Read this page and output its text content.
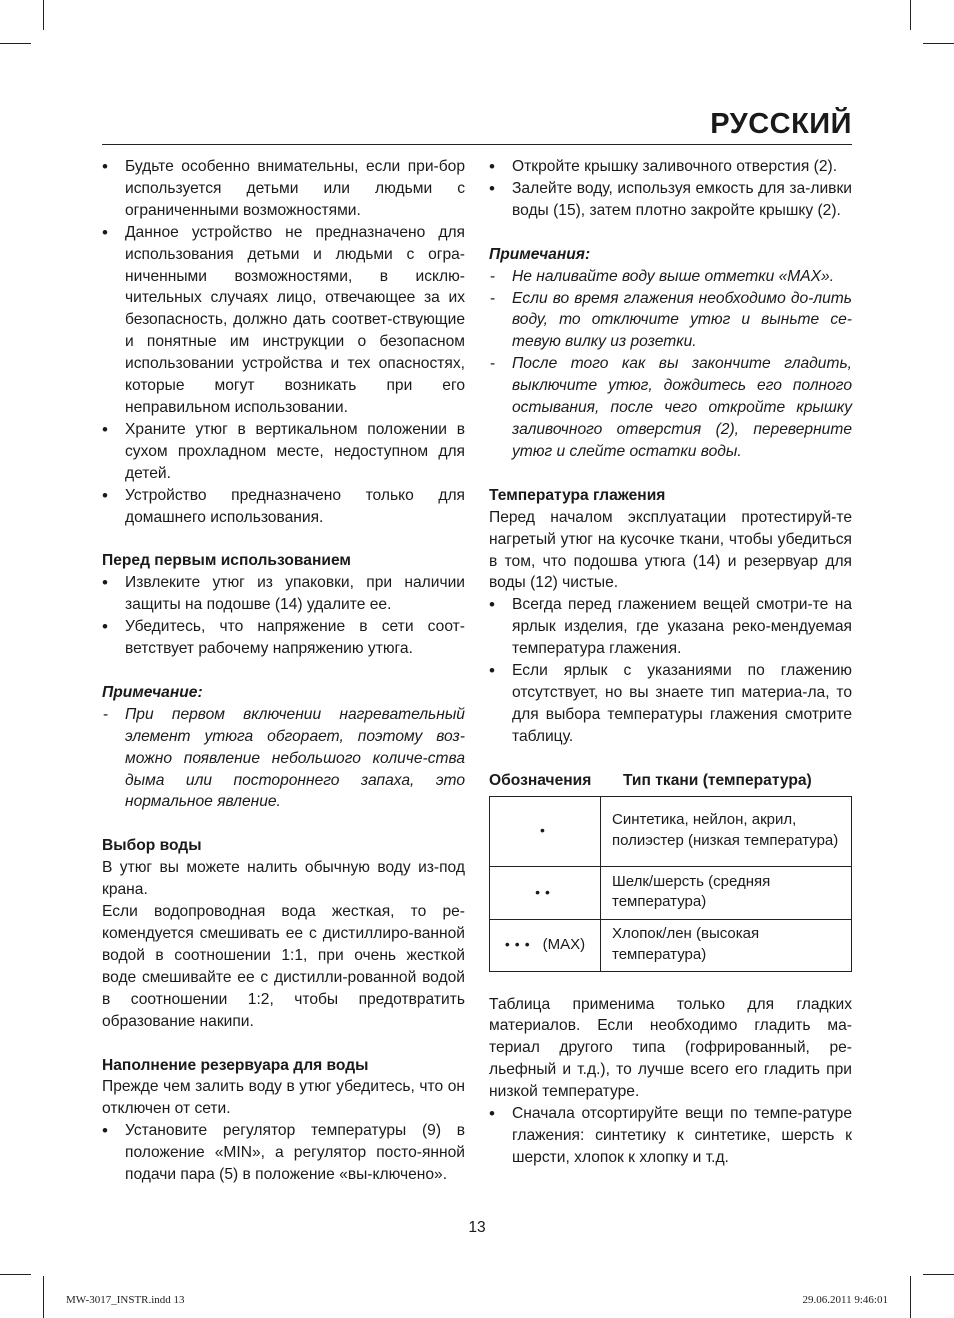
РУССКИЙ
• Будьте особенно внимательны, если при-бор используется детьми или людьми с ограниченными возможностями.
• Данное устройство не предназначено для использования детьми и людьми с огра-ниченными возможностями, в исклю-чительных случаях лицо, отвечающее за их безопасность, должно дать соответ-ствующие и понятные им инструкции о безопасном использовании устройства и тех опасностях, которые могут возникать при его неправильном использовании.
• Храните утюг в вертикальном положении в сухом прохладном месте, недоступном для детей.
• Устройство предназначено только для домашнего использования.
Перед первым использованием
• Извлеките утюг из упаковки, при наличии защиты на подошве (14) удалите ее.
• Убедитесь, что напряжение в сети соот-ветствует рабочему напряжению утюга.
Примечание:
- При первом включении нагревательный элемент утюга обгорает, поэтому воз-можно появление небольшого количе-ства дыма или постороннего запаха, это нормальное явление.
Выбор воды
В утюг вы можете налить обычную воду из-под крана.
Если водопроводная вода жесткая, то ре-комендуется смешивать ее с дистиллиро-ванной водой в соотношении 1:1, при очень жесткой воде смешивайте ее с дистилли-рованной водой в соотношении 1:2, чтобы предотвратить образование накипи.
Наполнение резервуара для воды
Прежде чем залить воду в утюг убедитесь, что он отключен от сети.
• Установите регулятор температуры (9) в положение «MIN», а регулятор посто-янной подачи пара (5) в положение «вы-ключено».
• Откройте крышку заливочного отверстия (2).
• Залейте воду, используя емкость для за-ливки воды (15), затем плотно закройте крышку (2).
Примечания:
- Не наливайте воду выше отметки «MAX».
- Если во время глажения необходимо до-лить воду, то отключите утюг и выньте се-тевую вилку из розетки.
- После того как вы закончите гладить, выключите утюг, дождитесь его полного остывания, после чего откройте крышку заливочного отверстия (2), переверните утюг и слейте остатки воды.
Температура глажения
Перед началом эксплуатации протестируй-те нагретый утюг на кусочке ткани, чтобы убедиться в том, что подошва утюга (14) и резервуар для воды (12) чистые.
• Всегда перед глажением вещей смотри-те на ярлык изделия, где указана реко-мендуемая температура глажения.
• Если ярлык с указаниями по глажению отсутствует, но вы знаете тип материа-ла, то для выбора температуры глажения смотрите таблицу.
Обозначения	Тип ткани (температура)
•	Синтетика, нейлон, акрил, полиэстер (низкая температура)
••	Шелк/шерсть (средняя температура)
••• (MAX)	Хлопок/лен (высокая температура)
Таблица применима только для гладких материалов. Если необходимо гладить ма-териал другого типа (гофрированный, ре-льефный и т.д.), то лучше всего его гладить при низкой температуре.
• Сначала отсортируйте вещи по темпе-ратуре глажения: синтетику к синтетике, шерсть к шерсти, хлопок к хлопку и т.д.
13
MW-3017_INSTR.indd 13	29.06.2011 9:46:01
